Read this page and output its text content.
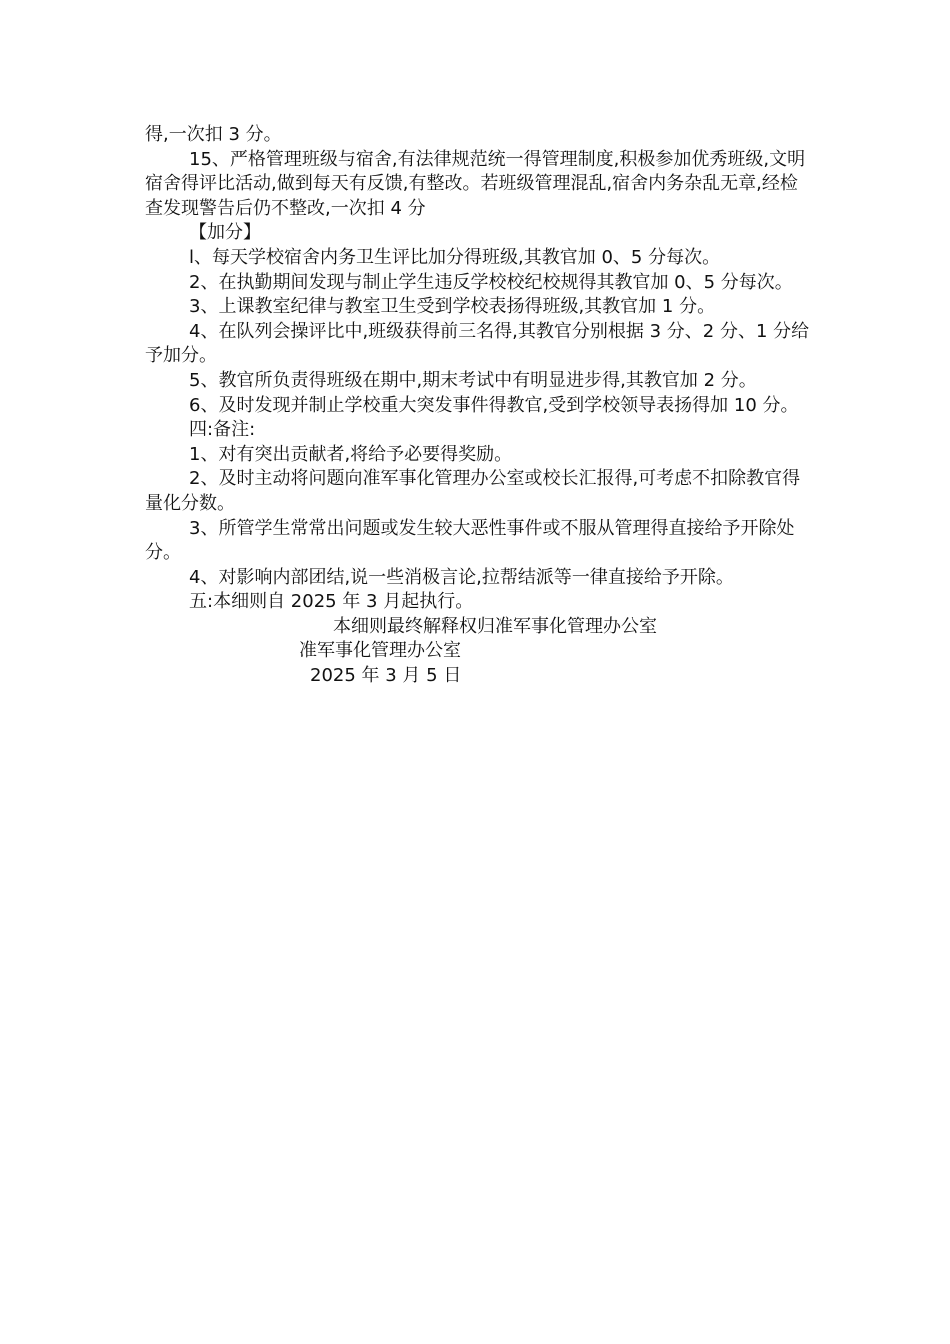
得,一次扣 3 分。

15、严格管理班级与宿舍,有法律规范统一得管理制度,积极参加优秀班级,文明宿舍得评比活动,做到每天有反馈,有整改。若班级管理混乱,宿舍内务杂乱无章,经检查发现警告后仍不整改,一次扣 4 分

【加分】

l、每天学校宿舍内务卫生评比加分得班级,其教官加 0、5 分每次。

2、在执勤期间发现与制止学生违反学校校纪校规得其教官加 0、5 分每次。

3、上课教室纪律与教室卫生受到学校表扬得班级,其教官加 1 分。

4、在队列会操评比中,班级获得前三名得,其教官分别根据 3 分、2 分、1 分给予加分。

5、教官所负责得班级在期中,期末考试中有明显进步得,其教官加 2 分。

6、及时发现并制止学校重大突发事件得教官,受到学校领导表扬得加 10 分。

四:备注:

1、对有突出贡献者,将给予必要得奖励。

2、及时主动将问题向准军事化管理办公室或校长汇报得,可考虑不扣除教官得量化分数。

3、所管学生常常出问题或发生较大恶性事件或不服从管理得直接给予开除处分。

4、对影响内部团结,说一些消极言论,拉帮结派等一律直接给予开除。

五:本细则自 2025 年 3 月起执行。

本细则最终解释权归准军事化管理办公室

准军事化管理办公室

2025 年 3 月 5 日
